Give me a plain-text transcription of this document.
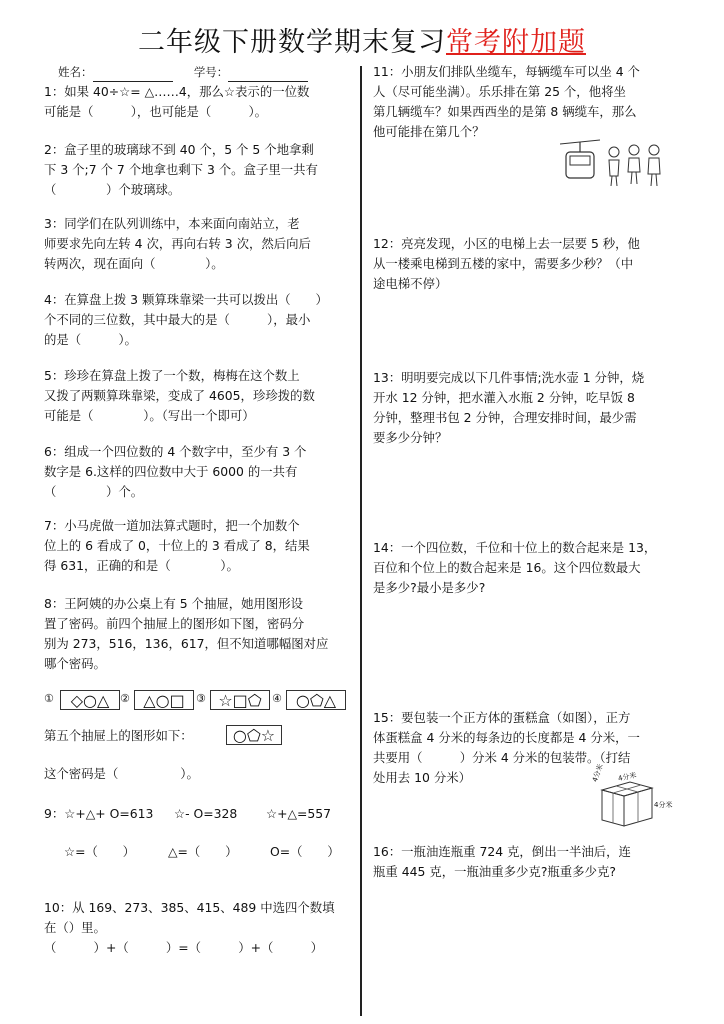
二年级下册数学期末复习常考附加题
姓名：	学号：
1：如果 40÷☆= △……4，那么☆表示的一位数
可能是（　　　），也可能是（　　　）。
2：盒子里的玻璃球不到 40 个，5 个 5 个地拿剩
下 3 个;7 个 7 个地拿也剩下 3 个。盒子里一共有
（　　　　）个玻璃球。
3：同学们在队列训练中，本来面向南站立，老
师要求先向左转 4 次，再向右转 3 次，然后向后
转两次，现在面向（　　　　）。
4：在算盘上拨 3 颗算珠靠梁一共可以拨出（　　）
个不同的三位数，其中最大的是（　　　），最小
的是（　　　）。
5：珍珍在算盘上拨了一个数，梅梅在这个数上
又拨了两颗算珠靠梁，变成了 4605，珍珍拨的数
可能是（　　　　）。（写出一个即可）
6：组成一个四位数的 4 个数字中，至少有 3 个
数字是 6.这样的四位数中大于 6000 的一共有
（　　　　）个。
7：小马虎做一道加法算式题时，把一个加数个
位上的 6 看成了 0，十位上的 3 看成了 8，结果
得 631，正确的和是（　　　　）。
8：王阿姨的办公桌上有 5 个抽屉，她用图形设
置了密码。前四个抽屉上的图形如下图，密码分
别为 273，516，136，617，但不知道哪幅图对应
哪个密码。
①	◇○△ ② △○□	③ ☆□⬠ ④ ○⬠△
第五个抽屉上的图形如下：	○⬠☆
这个密码是（　　　　　）。
9：☆+△+ O=613 ☆- O=328 ☆+△=557
☆=（　　）	△=（　　）	O=（　　）
10：从 169、273、385、415、489 中选四个数填
在（）里。
（　　　）+（　　　）=（　　　）+（　　　）
11：小朋友们排队坐缆车，每辆缆车可以坐 4 个
人（尽可能坐满）。乐乐排在第 25 个，他将坐
第几辆缆车？如果西西坐的是第 8 辆缆车，那么
他可能排在第几个？
12：亮亮发现，小区的电梯上去一层要 5 秒，他
从一楼乘电梯到五楼的家中，需要多少秒？（中
途电梯不停）
13：明明要完成以下几件事情;洗水壶 1 分钟，烧
开水 12 分钟，把水灌入水瓶 2 分钟，吃早饭 8
分钟，整理书包 2 分钟，合理安排时间，最少需
要多少分钟？
14：一个四位数，千位和十位上的数合起来是 13，
百位和个位上的数合起来是 16。这个四位数最大
是多少?最小是多少?
15：要包装一个正方体的蛋糕盒（如图），正方
体蛋糕盒 4 分米的每条边的长度都是 4 分米，一
共要用（　　　）分米 4 分米的包装带。（打结
处用去 10 分米）	4分米 4分米
4分米
16：一瓶油连瓶重 724 克，倒出一半油后，连
瓶重 445 克，一瓶油重多少克?瓶重多少克?
